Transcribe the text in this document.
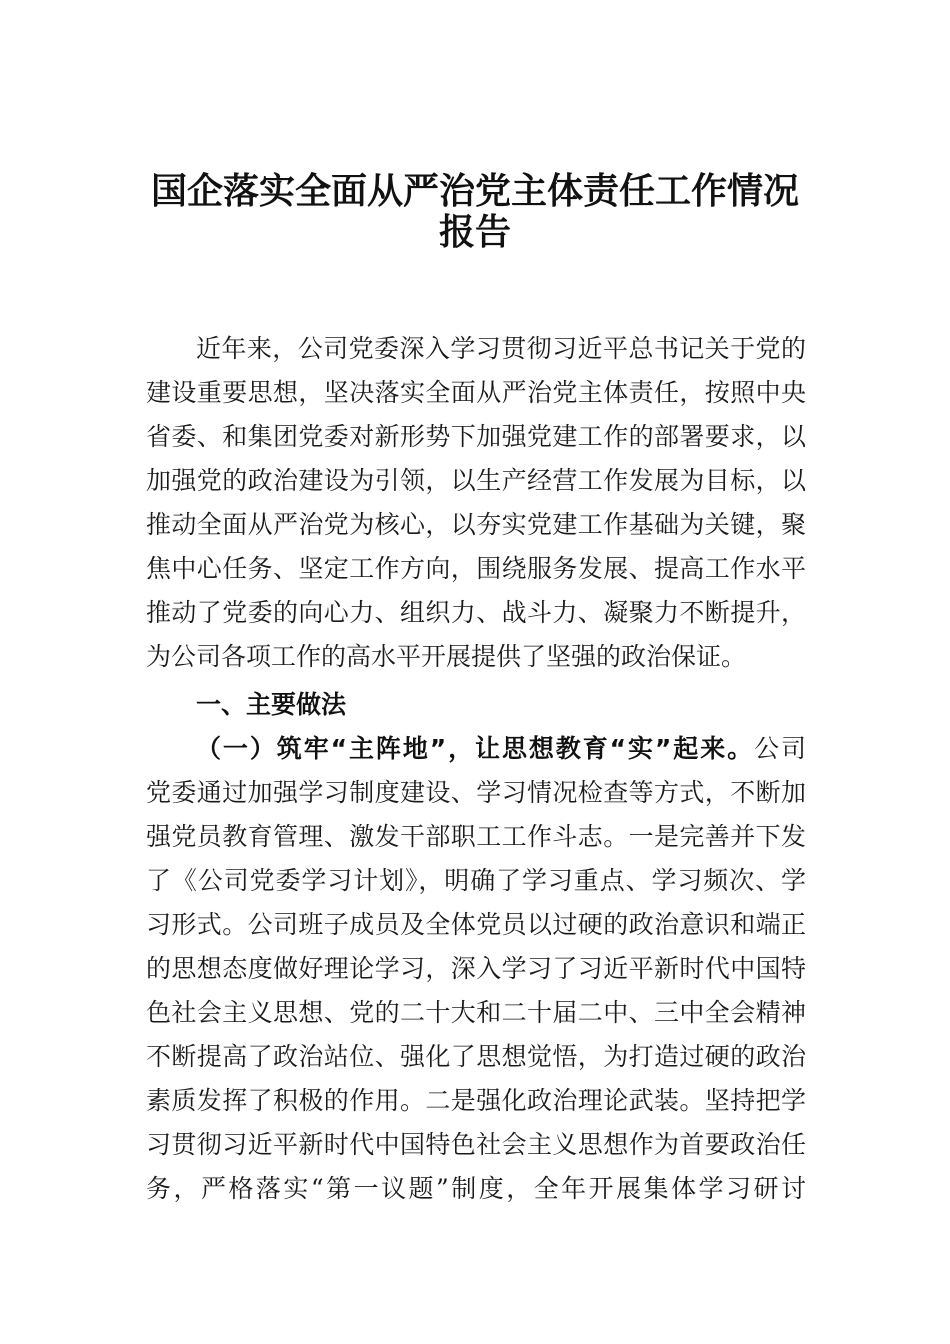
国企落实全面从严治党主体责任工作情况
报告
近年来，公司党委深入学习贯彻习近平总书记关于党的
建设重要思想，坚决落实全面从严治党主体责任，按照中央
省委、和集团党委对新形势下加强党建工作的部署要求，以
加强党的政治建设为引领，以生产经营工作发展为目标，以
推动全面从严治党为核心，以夯实党建工作基础为关键，聚
焦中心任务、坚定工作方向，围绕服务发展、提高工作水平
推动了党委的向心力、组织力、战斗力、凝聚力不断提升，
为公司各项工作的高水平开展提供了坚强的政治保证。
一、主要做法
（一）筑牢“主阵地”，让思想教育“实”起来。公司
党委通过加强学习制度建设、学习情况检查等方式，不断加
强党员教育管理、激发干部职工工作斗志。一是完善并下发
了《公司党委学习计划》，明确了学习重点、学习频次、学
习形式。公司班子成员及全体党员以过硬的政治意识和端正
的思想态度做好理论学习，深入学习了习近平新时代中国特
色社会主义思想、党的二十大和二十届二中、三中全会精神
不断提高了政治站位、强化了思想觉悟，为打造过硬的政治
素质发挥了积极的作用。二是强化政治理论武装。坚持把学
习贯彻习近平新时代中国特色社会主义思想作为首要政治任
务，严格落实“第一议题”制度，全年开展集体学习研讨
